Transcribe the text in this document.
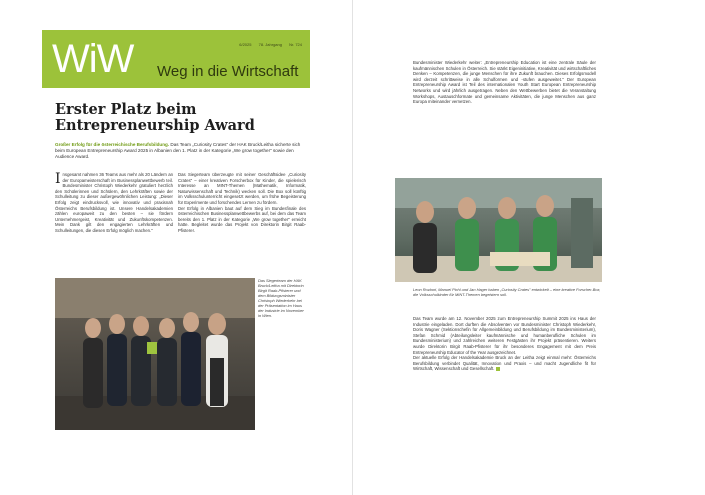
WiW	6/2025 78. Jahrgang Nr. 724
Weg in die Wirtschaft
Erster Platz beim
Entrepreneurship Award
Großer Erfolg für die österreichische Berufsbildung. Das Team „Curiosity Crates" der HAK Bruck/Leitha sicherte sich beim European Entrepreneurship Award 2025 in Albanien den 1. Platz in der Kategorie „We grow together" sowie den Audience Award.
I nsgesamt nahmen 36 Teams aus mehr als 20 Ländern an der Europameisterschaft im Businessplanwettbewerb teil. Bundesminister Christoph Wiederkehr gratuliert herzlich den Schülerinnen und Schülern, den Lehrkräften sowie der Schulleitung zu dieser außergewöhnlichen Leistung: „Dieser Erfolg zeigt eindrucksvoll, wie innovativ und praxisnah Österreichs Berufsbildung ist. Unsere Handelsakademien zählen europaweit zu den besten – sie fördern Unternehmergeist, Kreativität und Zukunftskompetenzen. Mein Dank gilt den engagierten Lehrkräften und Schulleitungen, die diesen Erfolg möglich machen."

Das Siegerteam überzeugte mit seiner Geschäftsidee „Curiosity Crates" – einer kreativen Forscherbox für Kinder, die spielerisch Interesse an MINT-Themen (Mathematik, Informatik, Naturwissenschaft und Technik) wecken soll. Die Box soll künftig im Volksschulunterricht eingesetzt werden, um frühe Begeisterung für Experimente und forschendes Lernen zu fördern.

Der Erfolg in Albanien baut auf dem Sieg im Bundesfinale des österreichischen Businessplanwettbewerbs auf, bei dem das Team bereits den 1. Platz in der Kategorie „We grow together" erreicht hatte. Begleitet wurde das Projekt von Direktorin Birgit Raab-Pfisterer.

Das Siegerteam der HAK Bruck/Leitha mit Direktorin Birgit Raab-Pfisterer und dem Bildungsminister Christoph Wiederkehr bei der Präsentation im Haus der Industrie im November in Wien.

Bundesminister Wiederkehr weiter: „Entrepreneurship Education ist eine zentrale Säule der kaufmännischen Schulen in Österreich. Sie stärkt Eigeninitiative, Kreativität und wirtschaftliches Denken – Kompetenzen, die junge Menschen für ihre Zukunft brauchen. Dieses Erfolgsmodell wird derzeit schrittweise in alle Schulformen und -stufen ausgeweitet." Der European Entrepreneurship Award ist Teil des internationalen Youth Start European Entrepreneurship Networks und wird jährlich ausgetragen. Neben den Wettbewerben bietet die Veranstaltung Workshops, Austauschformate und gemeinsame Aktivitäten, die junge Menschen aus ganz Europa miteinander vernetzen.

Leon Rozbori, Manuel Pichl und Jan Hager haben „Curiosity Crates" entwickelt – eine kreative Forscher-Box, die Volksschulkinder für MINT-Themen begeistern soll.

Das Team wurde am 12. November 2025 zum Entrepreneurship Summit 2025 ins Haus der Industrie eingeladen. Dort durften die Absolventen vor Bundesminister Christoph Wiederkehr, Doris Wagner (Sektionschefin für Allgemeinbildung und Berufsbildung im Bundesministerium), Stefan Schmid (Abteilungsleiter kaufmännische und humanberufliche Schulen im Bundesministerium) und zahlreichen weiteren Festgästen ihr Projekt präsentieren. Weiters wurde Direktorin Birgit Raab-Pfisterer für ihr besonderes Engagement mit dem Preis Entrepreneurship Educator of the Year ausgezeichnet.

Der aktuelle Erfolg der Handelsakademie Bruck an der Leitha zeigt einmal mehr: Österreichs Berufsbildung verbindet Qualität, Innovation und Praxis – und macht Jugendliche fit für Wirtschaft, Wissenschaft und Gesellschaft.
